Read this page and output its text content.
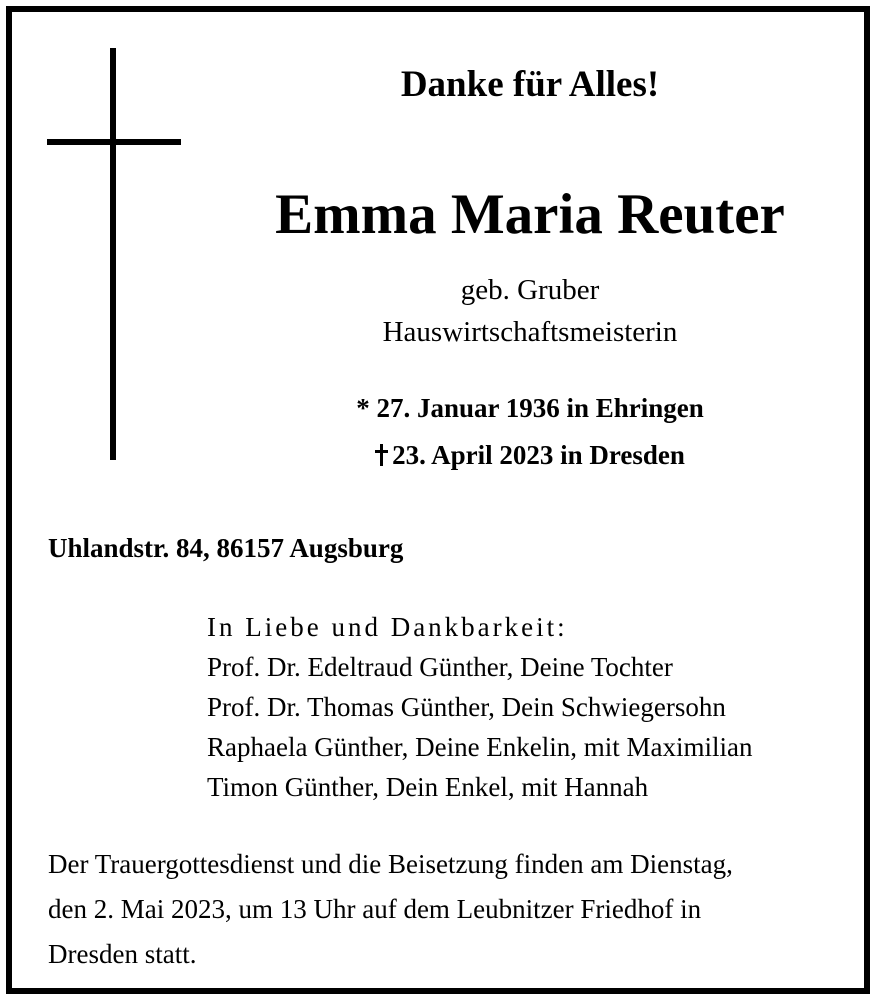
Danke für Alles!
Emma Maria Reuter
geb. Gruber
Hauswirtschaftsmeisterin
* 27. Januar 1936 in Ehringen
23. April 2023 in Dresden
Uhlandstr. 84, 86157 Augsburg
In Liebe und Dankbarkeit:
Prof. Dr. Edeltraud Günther, Deine Tochter
Prof. Dr. Thomas Günther, Dein Schwiegersohn
Raphaela Günther, Deine Enkelin, mit Maximilian
Timon Günther, Dein Enkel, mit Hannah
Der Trauergottesdienst und die Beisetzung finden am Dienstag,
den 2. Mai 2023, um 13 Uhr auf dem Leubnitzer Friedhof in
Dresden statt.
